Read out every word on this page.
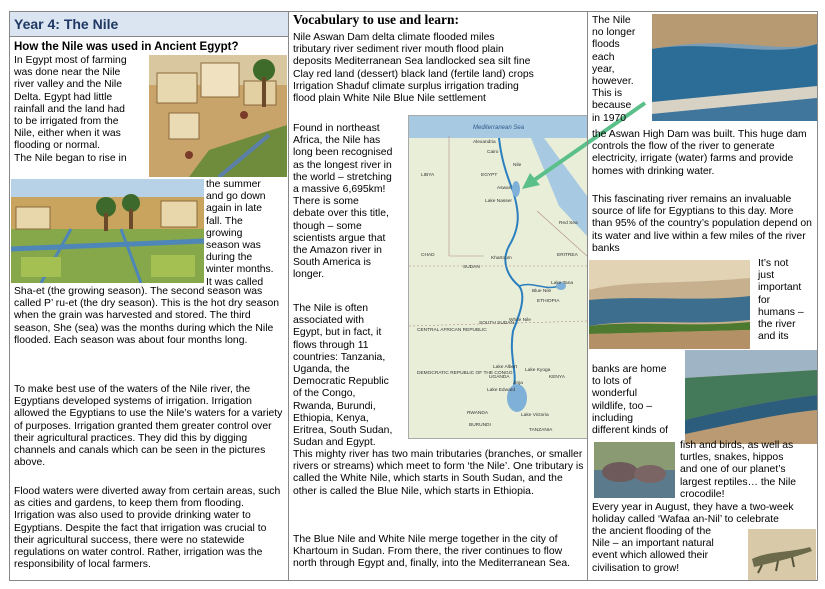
Year 4: The Nile
How the Nile was used in Ancient Egypt?

In Egypt most of farming

was done near the Nile

river valley and the Nile

Delta. Egypt had little

rainfall and the land had

to be irrigated from the

Nile, either when it was

flooding or normal.

The Nile began to rise in

the summer

and go down

again in late

fall. The

growing

season was

during the

winter months.

It was called

Sha-et (the growing season). The second season was called P’ ru-et (the dry season). This is the hot dry season when the grain was harvested and stored. The third season, She (sea) was the months during which the Nile flooded. Each season was about four months long.
To make best use of the waters of the Nile river, the Egyptians developed systems of irrigation. Irrigation allowed the Egyptians to use the Nile’s waters for a variety of purposes. Irrigation granted them greater control over their agricultural practices. They did this by digging channels and canals which can be seen in the pictures above.
Flood waters were diverted away from certain areas, such as cities and gardens, to keep them from flooding. Irrigation was also used to provide drinking water to Egyptians. Despite the fact that irrigation was crucial to their agricultural success, there were no statewide regulations on water control. Rather, irrigation was the responsibility of local farmers.
Vocabulary to use and learn:

Nile Aswan Dam delta climate flooded miles

tributary river sediment river mouth flood plain

deposits Mediterranean Sea landlocked sea silt fine

Clay red land (dessert) black land (fertile land) crops

Irrigation Shaduf climate surplus irrigation trading

flood plain White Nile Blue Nile settlement

Found in northeast

Africa, the Nile has

long been recognised

as the longest river in

the world – stretching

a massive 6,695km!

There is some

debate over this title,

though – some

scientists argue that

the Amazon river in

South America is

longer.

The Nile is often

associated with

Egypt, but in fact, it

flows through 11

countries: Tanzania,

Uganda, the

Democratic Republic

of the Congo,

Rwanda, Burundi,

Ethiopia, Kenya,

Eritrea, South Sudan,

Sudan and Egypt.

Mediterranean Sea
Alexandria
Cairo
EGYPT
LIBYA
Aswan
Lake Nasser
Red Sea
SUDAN
CHAD
Khartoum
ERITREA
Lake Tana
ETHIOPIA
SOUTH SUDAN
CENTRAL AFRICAN REPUBLIC
DEMOCRATIC REPUBLIC OF THE CONGO
UGANDA	KENYA
Lake Albert
Lake Kyoga
Jinja
Lake Edward
RWANDA
BURUNDI
Lake Victoria
TANZANIA
Nile
Blue Nile
White Nile
This mighty river has two main tributaries (branches, or smaller rivers or streams) which meet to form ‘the Nile’. One tributary is called the White Nile, which starts in South Sudan, and the other is called the Blue Nile, which starts in Ethiopia.
The Blue Nile and White Nile merge together in the city of Khartoum in Sudan. From there, the river continues to flow north through Egypt and, finally, into the Mediterranean Sea.

The Nile

no longer

floods

each

year,

however.

This is

because

in 1970

the Aswan High Dam was built. This huge dam controls the flow of the river to generate electricity, irrigate (water) farms and provide homes with drinking water.
This fascinating river remains an invaluable source of life for Egyptians to this day. More than 95% of the country’s population depend on its water and live within a few miles of the river banks

It’s not

just

important

for

humans –

the river

and its

banks are home

to lots of

wonderful

wildlife, too –

including

different kinds of

fish and birds, as well as

turtles, snakes, hippos

and one of our planet’s

largest reptiles… the Nile

crocodile!

Every year in August, they have a two-week holiday called ‘Wafaa an-Nil’ to celebrate

the ancient flooding of the

Nile – an important natural

event which allowed their

civilisation to grow!
